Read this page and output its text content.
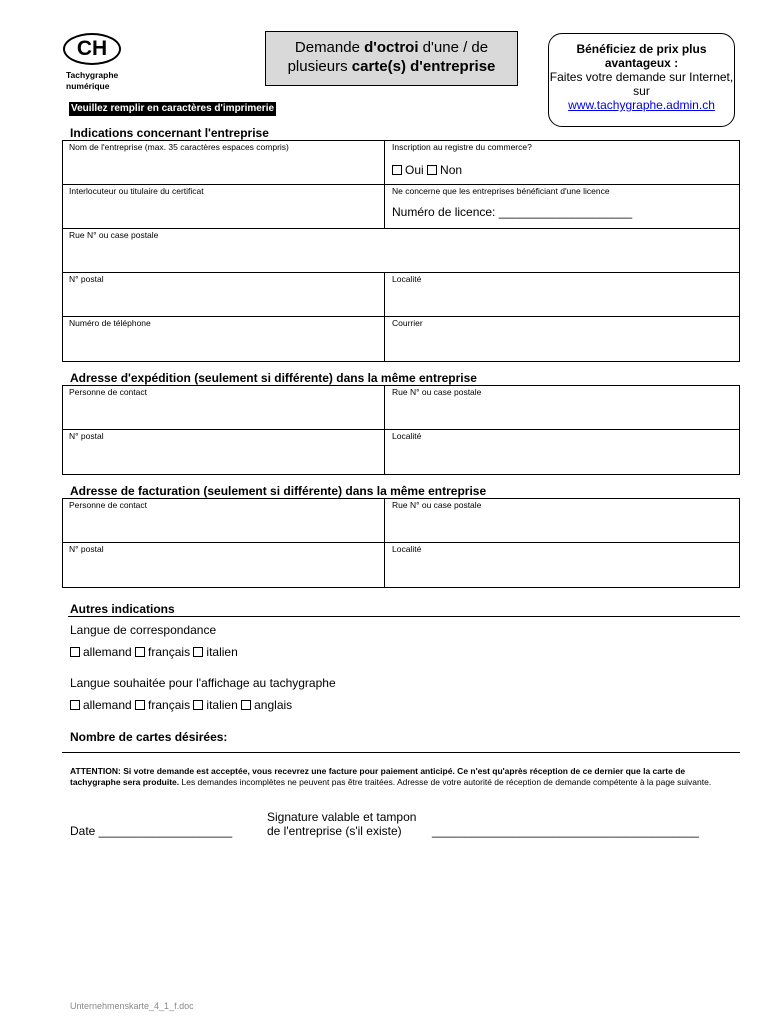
CH
Tachygraphe
numérique
Demande d'octroi d'une / de plusieurs carte(s) d'entreprise
Bénéficiez de prix plus avantageux :
Faites votre demande sur Internet, sur
www.tachygraphe.admin.ch
Veuillez remplir en caractères d'imprimerie
Indications concernant l'entreprise
Nom de l'entreprise (max. 35 caractères espaces compris)	Inscription au registre du commerce?
Oui Non
Interlocuteur ou titulaire du certificat	Ne concerne que les entreprises bénéficiant d'une licence
Numéro de licence: ____________________
Rue N° ou case postale
N° postal	Localité
Numéro de téléphone	Courrier
Adresse d'expédition (seulement si différente) dans la même entreprise
Personne de contact	Rue N° ou case postale
N° postal	Localité
Adresse de facturation (seulement si différente) dans la même entreprise
Personne de contact	Rue N° ou case postale
N° postal	Localité
Autres indications
Langue de correspondance
allemand français italien
Langue souhaitée pour l'affichage au tachygraphe
allemand français italien anglais
Nombre de cartes désirées:
ATTENTION: Si votre demande est acceptée, vous recevrez une facture pour paiement anticipé. Ce n'est qu'après réception de ce dernier que la carte de tachygraphe sera produite. Les demandes incomplètes ne peuvent pas être traitées. Adresse de votre autorité de réception de demande compétente à la page suivante.
Date ____________________
Signature valable et tampon
de l'entreprise (s'il existe)	________________________________________
Unternehmenskarte_4_1_f.doc
